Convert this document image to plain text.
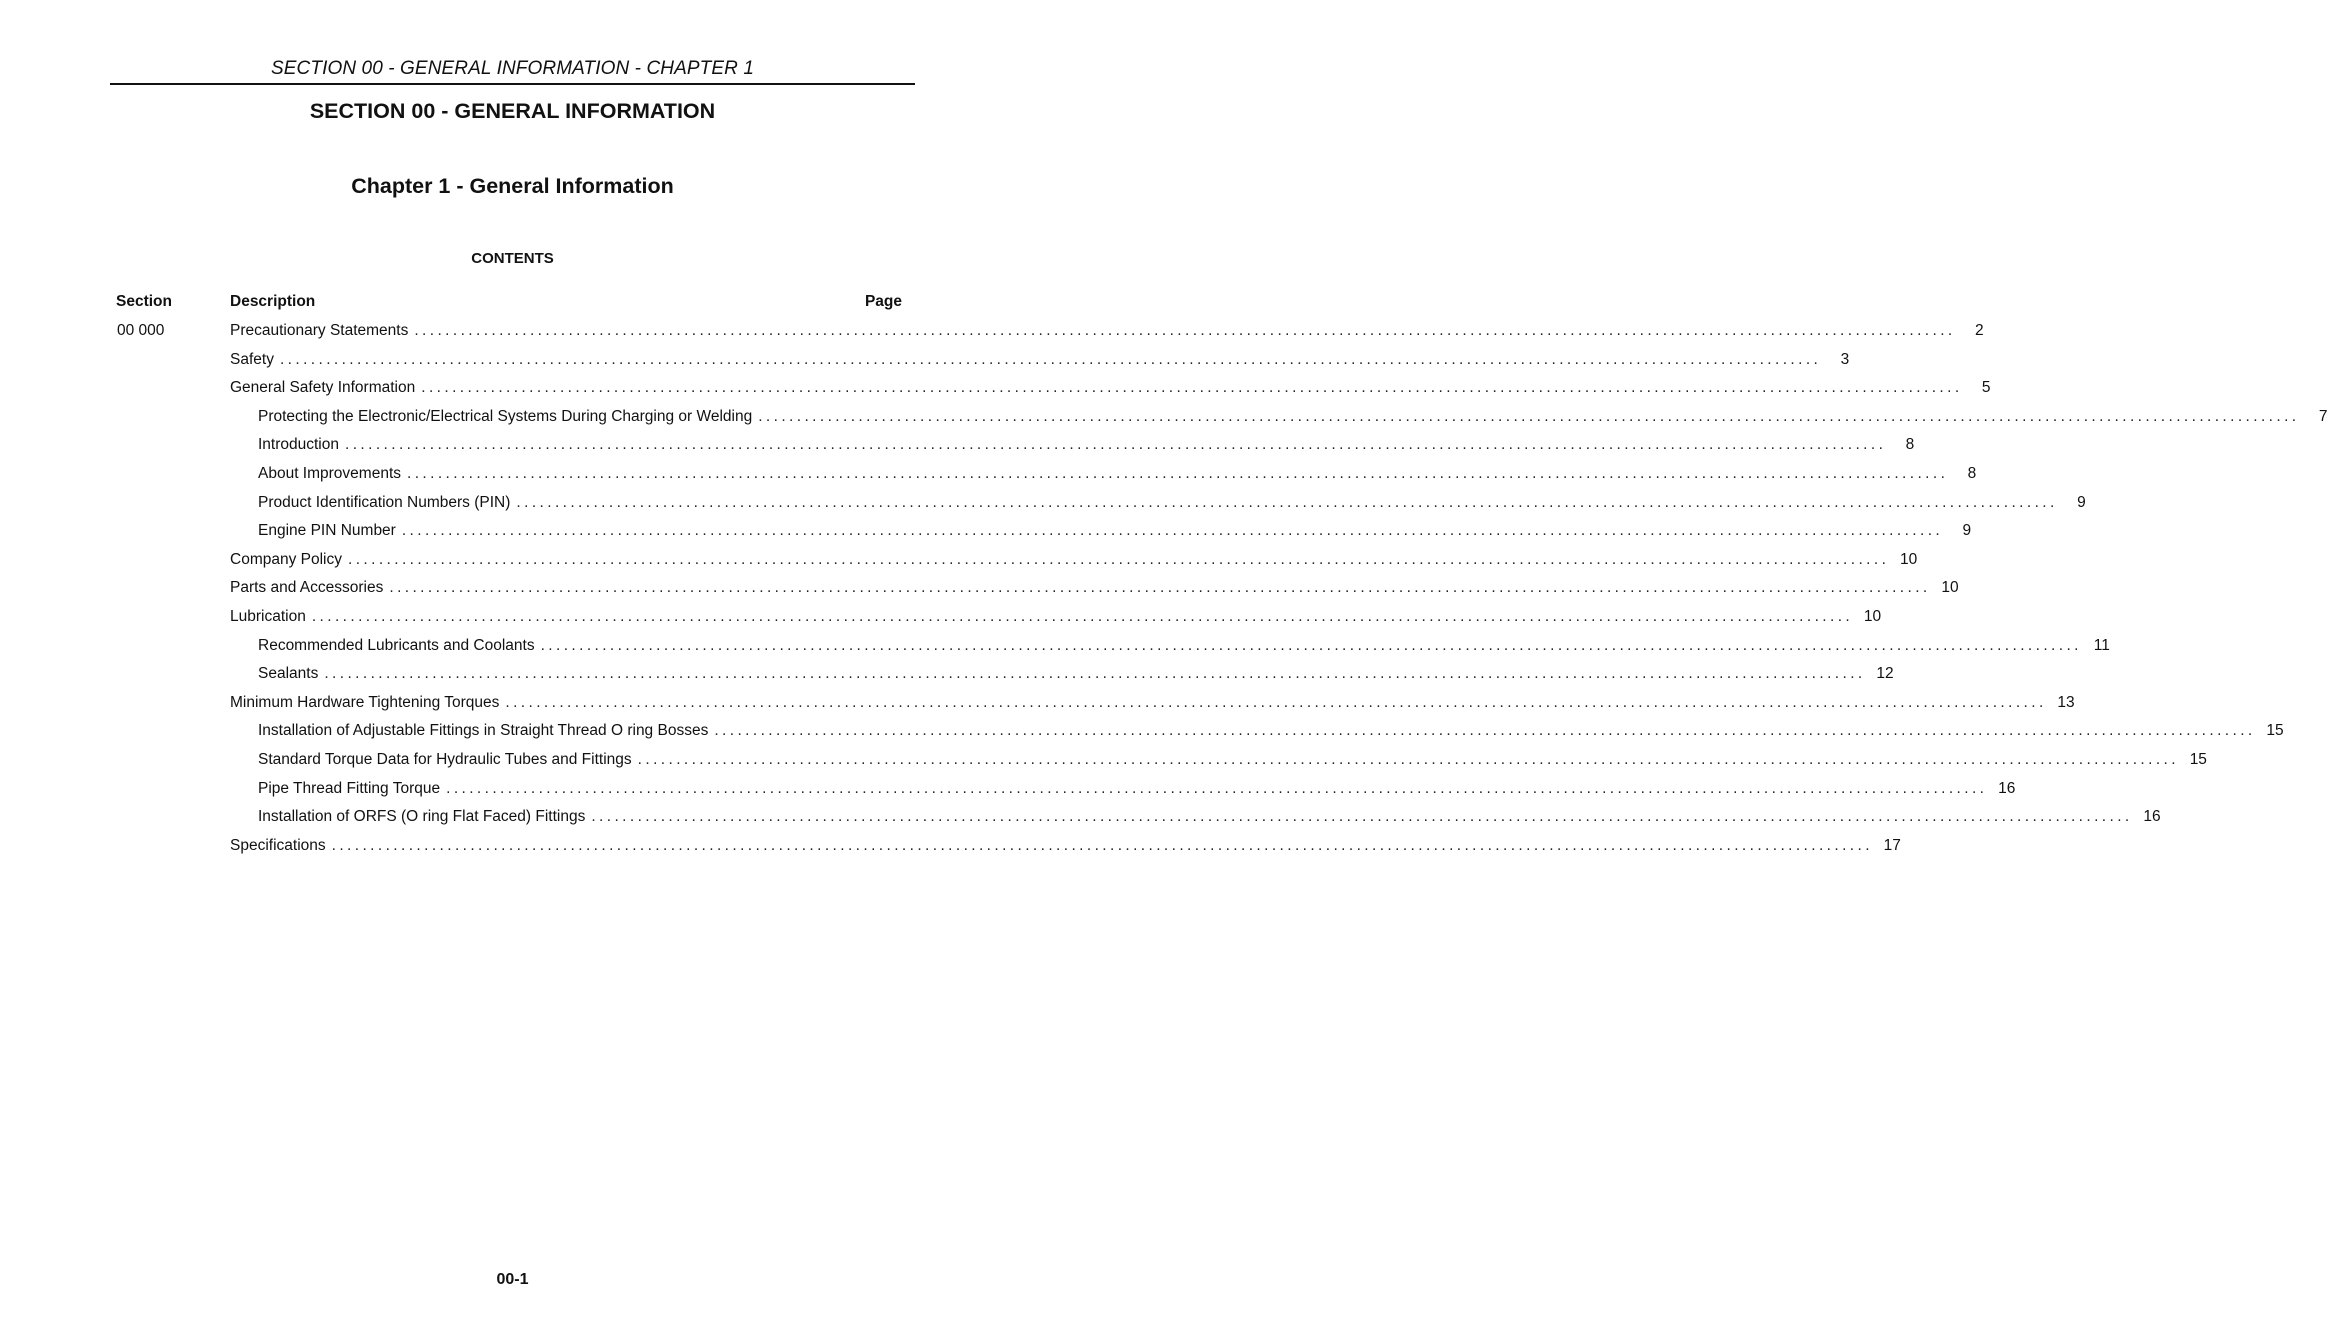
SECTION 00 - GENERAL INFORMATION - CHAPTER 1
SECTION 00 - GENERAL INFORMATION
Chapter 1 - General Information
CONTENTS
Section	Description	Page
00 000	Precautionary Statements ........................................................................................................................................................................................................	2
Safety ........................................................................................................................................................................................................	3
General Safety Information ........................................................................................................................................................................................................	5
Protecting the Electronic/Electrical Systems During Charging or Welding ........................................................................................................................................................................................................	7
Introduction ........................................................................................................................................................................................................	8
About Improvements ........................................................................................................................................................................................................	8
Product Identification Numbers (PIN) ........................................................................................................................................................................................................	9
Engine PIN Number ........................................................................................................................................................................................................	9
Company Policy ........................................................................................................................................................................................................ 10
Parts and Accessories ........................................................................................................................................................................................................ 10
Lubrication ........................................................................................................................................................................................................ 10
Recommended Lubricants and Coolants ........................................................................................................................................................................................................ 11
Sealants ........................................................................................................................................................................................................ 12
Minimum Hardware Tightening Torques ........................................................................................................................................................................................................ 13
Installation of Adjustable Fittings in Straight Thread O ring Bosses ........................................................................................................................................................................................................ 15
Standard Torque Data for Hydraulic Tubes and Fittings ........................................................................................................................................................................................................ 15
Pipe Thread Fitting Torque ........................................................................................................................................................................................................ 16
Installation of ORFS (O ring Flat Faced) Fittings ........................................................................................................................................................................................................ 16
Specifications ........................................................................................................................................................................................................ 17
00-1
